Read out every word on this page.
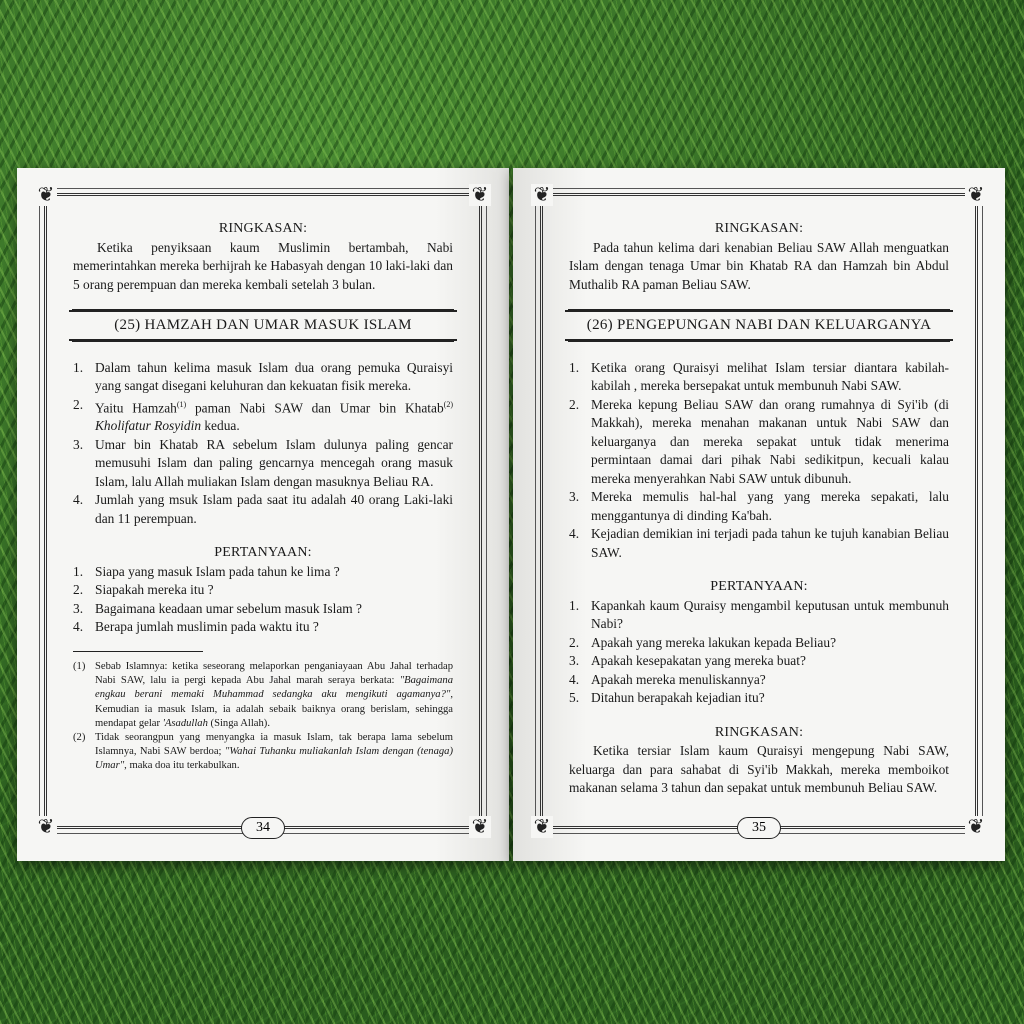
❦	❦
❦	❦
RINGKASAN:

Ketika penyiksaan kaum Muslimin bertambah, Nabi memerintahkan mereka berhijrah ke Habasyah dengan 10 laki-laki dan 5 orang perempuan dan mereka kembali setelah 3 bulan.

(25) HAMZAH DAN UMAR MASUK ISLAM
1. Dalam tahun kelima masuk Islam dua orang pemuka Quraisyi yang sangat disegani keluhuran dan kekuatan fisik mereka.
2. Yaitu Hamzah$^{(1)}$ paman Nabi SAW dan Umar bin Khatab$^{(2)}$ Kholifatur Rosyidin kedua.
3. Umar bin Khatab RA sebelum Islam dulunya paling gencar memusuhi Islam dan paling gencarnya mencegah orang masuk Islam, lalu Allah muliakan Islam dengan masuknya Beliau RA.
4. Jumlah yang msuk Islam pada saat itu adalah 40 orang Laki-laki dan 11 perempuan.
PERTANYAAN:
1. Siapa yang masuk Islam pada tahun ke lima ?
2. Siapakah mereka itu ?
3. Bagaimana keadaan umar sebelum masuk Islam ?
4. Berapa jumlah muslimin pada waktu itu ?
(1) Sebab Islamnya: ketika seseorang melaporkan penganiayaan Abu Jahal terhadap Nabi SAW, lalu ia pergi kepada Abu Jahal marah seraya berkata: "Bagaimana engkau berani memaki Muhammad sedangka aku mengikuti agamanya?", Kemudian ia masuk Islam, ia adalah sebaik baiknya orang berislam, sehingga mendapat gelar 'Asadullah (Singa Allah).
(2) Tidak seorangpun yang menyangka ia masuk Islam, tak berapa lama sebelum Islamnya, Nabi SAW berdoa; "Wahai Tuhanku muliakanlah Islam dengan (tenaga) Umar", maka doa itu terkabulkan.
34
❦	❦
❦	❦
RINGKASAN:

Pada tahun kelima dari kenabian Beliau SAW Allah menguatkan Islam dengan tenaga Umar bin Khatab RA dan Hamzah bin Abdul Muthalib RA paman Beliau SAW.

(26) PENGEPUNGAN NABI DAN KELUARGANYA
1. Ketika orang Quraisyi melihat Islam tersiar diantara kabilah-kabilah , mereka bersepakat untuk membunuh Nabi SAW.
2. Mereka kepung Beliau SAW dan orang rumahnya di Syi'ib (di Makkah), mereka menahan makanan untuk Nabi SAW dan keluarganya dan mereka sepakat untuk tidak menerima permintaan damai dari pihak Nabi sedikitpun, kecuali kalau mereka menyerahkan Nabi SAW untuk dibunuh.
3. Mereka memulis hal-hal yang yang mereka sepakati, lalu menggantunya di dinding Ka'bah.
4. Kejadian demikian ini terjadi pada tahun ke tujuh kanabian Beliau SAW.
PERTANYAAN:
1. Kapankah kaum Quraisy mengambil keputusan untuk membunuh Nabi?
2. Apakah yang mereka lakukan kepada Beliau?
3. Apakah kesepakatan yang mereka buat?
4. Apakah mereka menuliskannya?
5. Ditahun berapakah kejadian itu?
RINGKASAN:

Ketika tersiar Islam kaum Quraisyi mengepung Nabi SAW, keluarga dan para sahabat di Syi'ib Makkah, mereka memboikot makanan selama 3 tahun dan sepakat untuk membunuh Beliau SAW.

35
